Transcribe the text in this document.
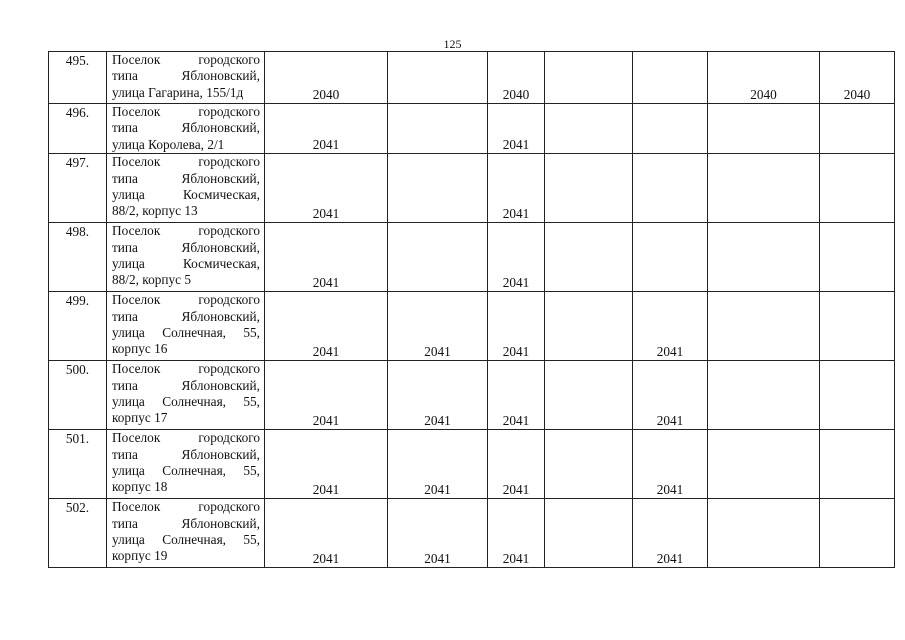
125
495.	Поселок городского
типа Яблоновский,
улица Гагарина, 155/1д	2040		2040			2040	2040
496.	Поселок городского
типа Яблоновский,
улица Королева, 2/1	2041		2041				
497.	Поселок городского
типа Яблоновский,
улица Космическая,
88/2, корпус 13	2041		2041				
498.	Поселок городского
типа Яблоновский,
улица Космическая,
88/2, корпус 5	2041		2041				
499.	Поселок городского
типа Яблоновский,
улица Солнечная, 55,
корпус 16	2041	2041	2041		2041		
500.	Поселок городского
типа Яблоновский,
улица Солнечная, 55,
корпус 17	2041	2041	2041		2041		
501.	Поселок городского
типа Яблоновский,
улица Солнечная, 55,
корпус 18	2041	2041	2041		2041		
502.	Поселок городского
типа Яблоновский,
улица Солнечная, 55,
корпус 19	2041	2041	2041		2041		
